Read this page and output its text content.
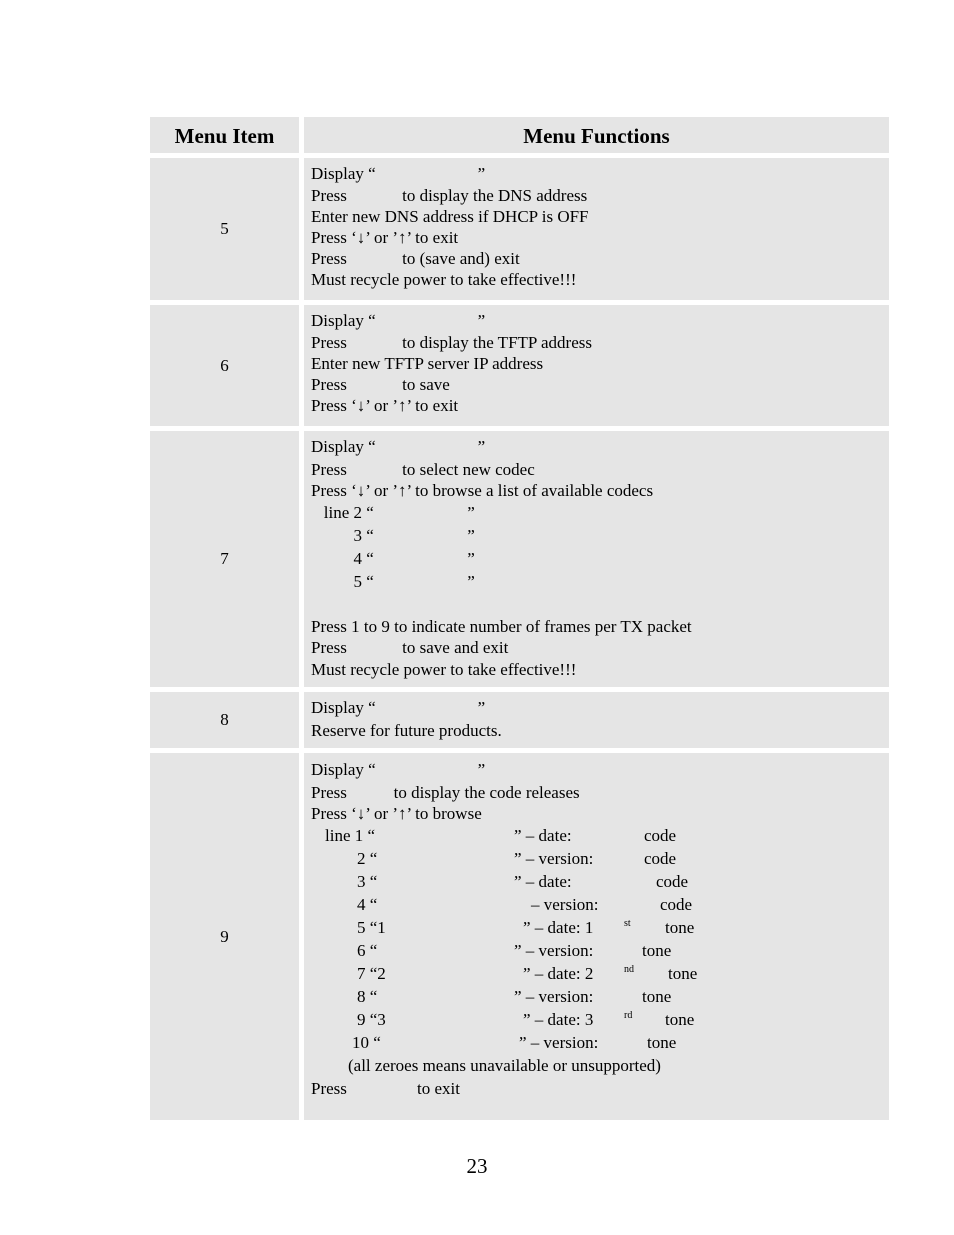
Menu Item	Menu Functions
5
Display “                        ”
Press             to display the DNS address
Enter new DNS address if DHCP is OFF
Press ‘↓’ or ’↑’ to exit
Press             to (save and) exit
Must recycle power to take effective!!!
6
Display “                        ”
Press             to display the TFTP address
Enter new TFTP server IP address
Press             to save
Press ‘↓’ or ’↑’ to exit
7
Display “                        ”
Press             to select new codec
Press ‘↓’ or ’↑’ to browse a list of available codecs
line 2 “                      ”
3 “                      ”
4 “                      ”
5 “                      ”
Press 1 to 9 to indicate number of frames per TX packet
Press             to save and exit
Must recycle power to take effective!!!
8
Display “                        ”
Reserve for future products.
9
Display “                        ”
Press           to display the code releases
Press ‘↓’ or ’↑’ to browse
line 1 “	” – date:	code
2 “	” – version:	code
3 “	” – date:	code
4 “	– version:	code
5 “1	” – date: 1	st tone
6 “	” – version:	tone
7 “2	” – date: 2	nd tone
8 “	” – version:	tone
9 “3	” – date: 3	rd tone
10 “	” – version:	tone
(all zeroes means unavailable or unsupported)
Press	to exit
23
